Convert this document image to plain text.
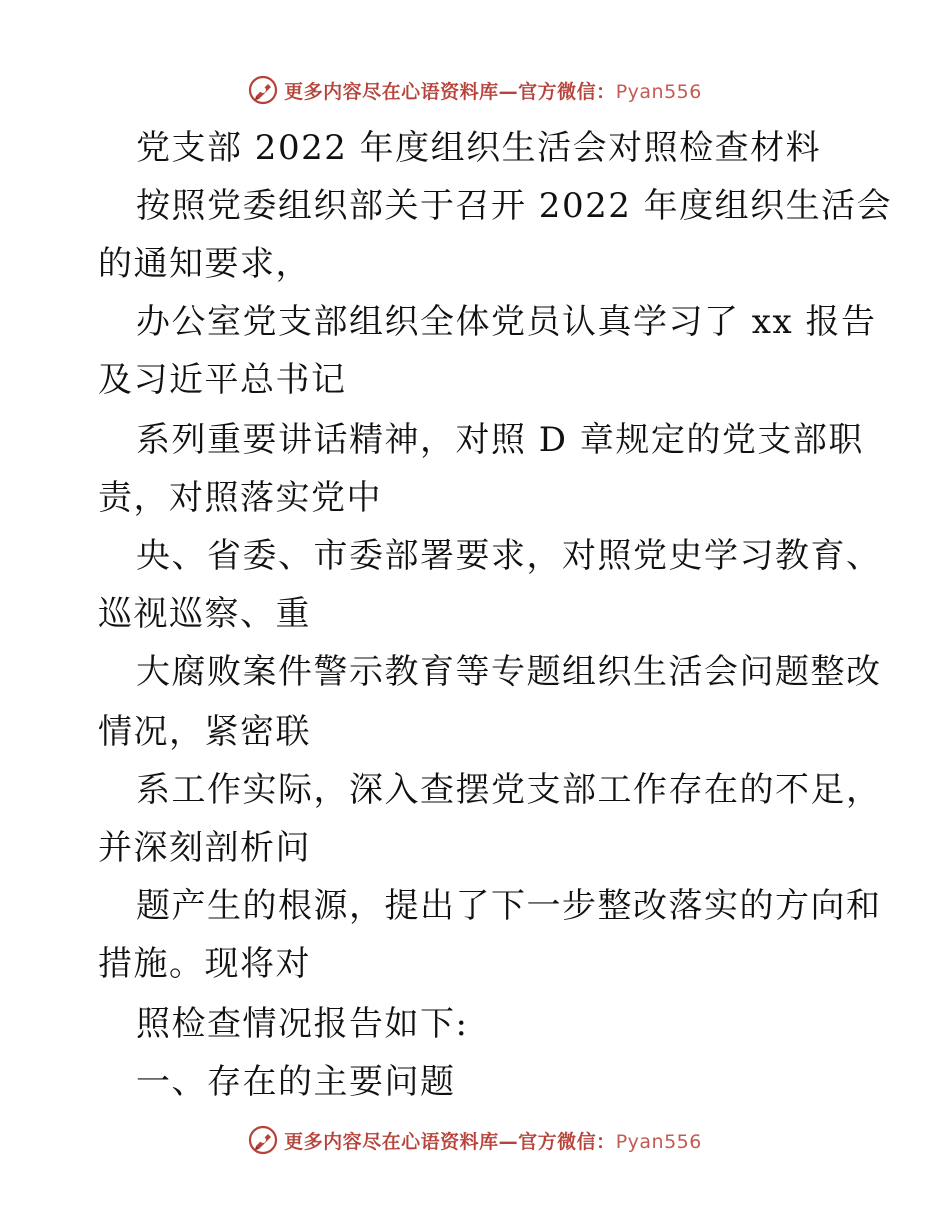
更多内容尽在心语资料库—官方微信：Pyan556
党支部 2022 年度组织生活会对照检查材料
按照党委组织部关于召开 2022 年度组织生活会
的通知要求，
办公室党支部组织全体党员认真学习了 xx 报告
及习近平总书记
系列重要讲话精神，对照 D 章规定的党支部职
责，对照落实党中
央、省委、市委部署要求，对照党史学习教育、
巡视巡察、重
大腐败案件警示教育等专题组织生活会问题整改
情况，紧密联
系工作实际，深入查摆党支部工作存在的不足，
并深刻剖析问
题产生的根源，提出了下一步整改落实的方向和
措施。现将对
照检查情况报告如下:
一、存在的主要问题
更多内容尽在心语资料库—官方微信：Pyan556
